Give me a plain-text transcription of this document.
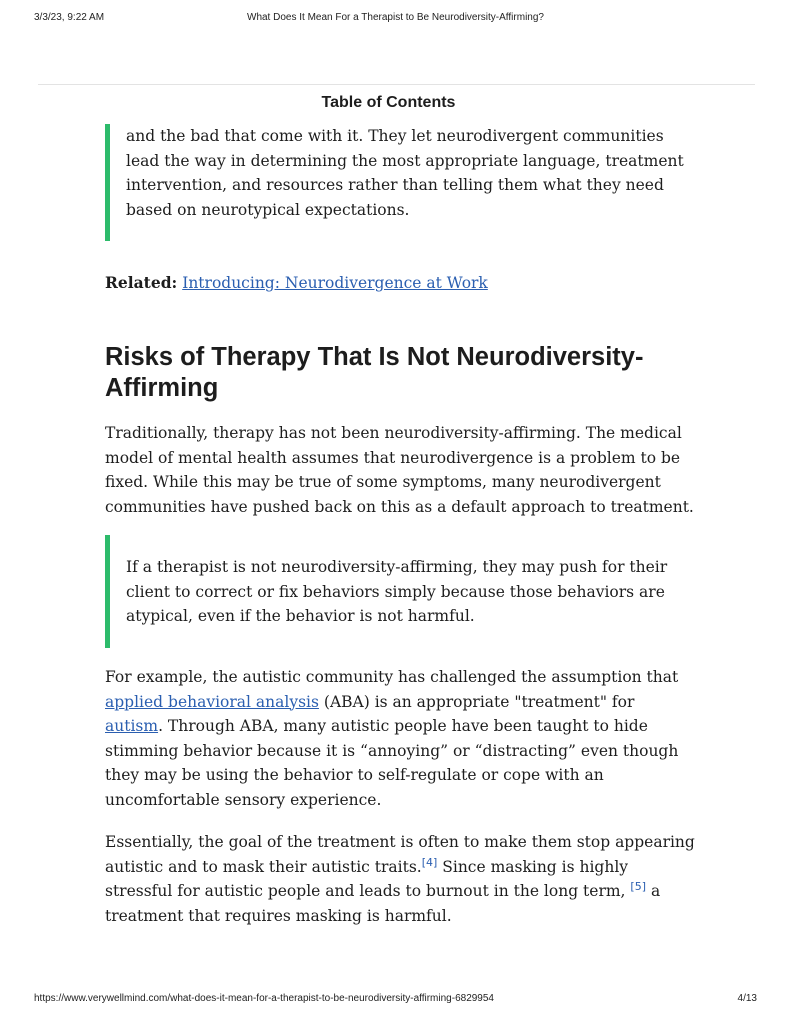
3/3/23, 9:22 AM	What Does It Mean For a Therapist to Be Neurodiversity-Affirming?
Table of Contents

and the bad that come with it. They let neurodivergent communities lead the way in determining the most appropriate language, treatment intervention, and resources rather than telling them what they need based on neurotypical expectations.

Related: Introducing: Neurodivergence at Work
Risks of Therapy That Is Not Neurodiversity-Affirming

Traditionally, therapy has not been neurodiversity-affirming. The medical model of mental health assumes that neurodivergence is a problem to be fixed. While this may be true of some symptoms, many neurodivergent communities have pushed back on this as a default approach to treatment.

If a therapist is not neurodiversity-affirming, they may push for their client to correct or fix behaviors simply because those behaviors are atypical, even if the behavior is not harmful.

For example, the autistic community has challenged the assumption that applied behavioral analysis (ABA) is an appropriate "treatment" for autism. Through ABA, many autistic people have been taught to hide stimming behavior because it is “annoying” or “distracting” even though they may be using the behavior to self-regulate or cope with an uncomfortable sensory experience.

Essentially, the goal of the treatment is often to make them stop appearing autistic and to mask their autistic traits.[4] Since masking is highly stressful for autistic people and leads to burnout in the long term, [5] a treatment that requires masking is harmful.

https://www.verywellmind.com/what-does-it-mean-for-a-therapist-to-be-neurodiversity-affirming-6829954	4/13
